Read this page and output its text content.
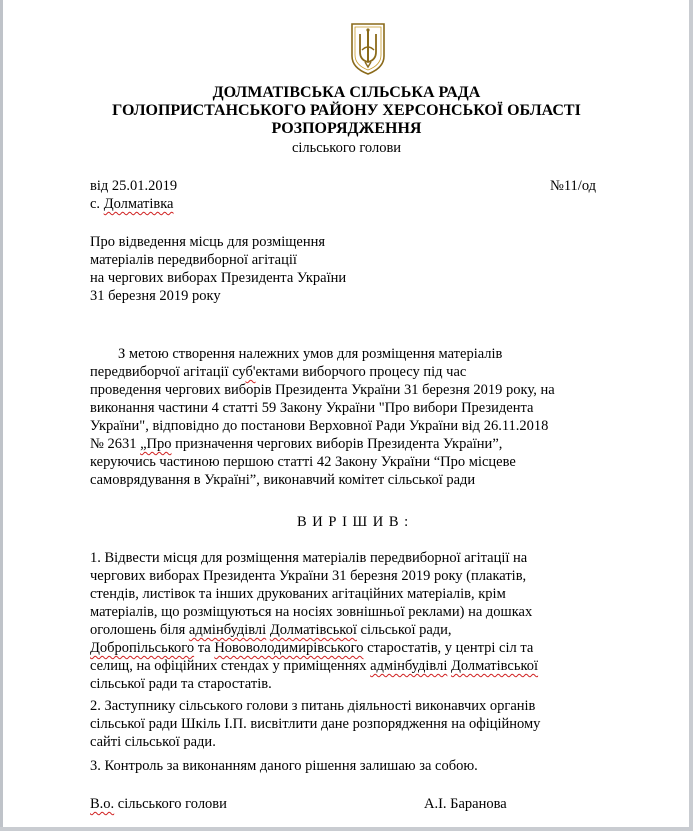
ДОЛМАТІВСЬКА СІЛЬСЬКА РАДА
ГОЛОПРИСТАНСЬКОГО РАЙОНУ ХЕРСОНСЬКОЇ ОБЛАСТІ
РОЗПОРЯДЖЕННЯ
сільського голови
від 25.01.2019	№11/од
с. Долматівка
Про відведення місць для розміщення
матеріалів передвиборної агітації
на чергових виборах Президента України
31 березня 2019 року
З метою створення належних умов для розміщення матеріалів
передвиборчої агітації суб'ектами виборчого процесу під час
проведення чергових виборів Президента України 31 березня 2019 року, на
виконання частини 4 статті 59 Закону України "Про вибори Президента
України", відповідно до постанови Верховної Ради України від 26.11.2018
№ 2631 „Про призначення чергових виборів Президента України”,
керуючись частиною першою статті 42 Закону України “Про місцеве
самоврядування в Україні”, виконавчий комітет сільської ради
В И Р І Ш И В :
1. Відвести місця для розміщення матеріалів передвиборної агітації на
чергових виборах Президента України 31 березня 2019 року (плакатів,
стендів, листівок та інших друкованих агітаційних матеріалів, крім
матеріалів, що розміщуються на носіях зовнішньої реклами) на дошках
оголошень біля адмінбудівлі Долматівської сільської ради,
Добропільського та Нововолодимирівського старостатів, у центрі сіл та
селищ, на офіційних стендах у приміщеннях адмінбудівлі Долматівської
сільської ради та старостатів.
2. Заступнику сільського голови з питань діяльності виконавчих органів
сільської ради Шкіль І.П. висвітлити дане розпорядження на офіційному
сайті сільської ради.
3. Контроль за виконанням даного рішення залишаю за собою.
В.о. сільського голови	А.І. Баранова
